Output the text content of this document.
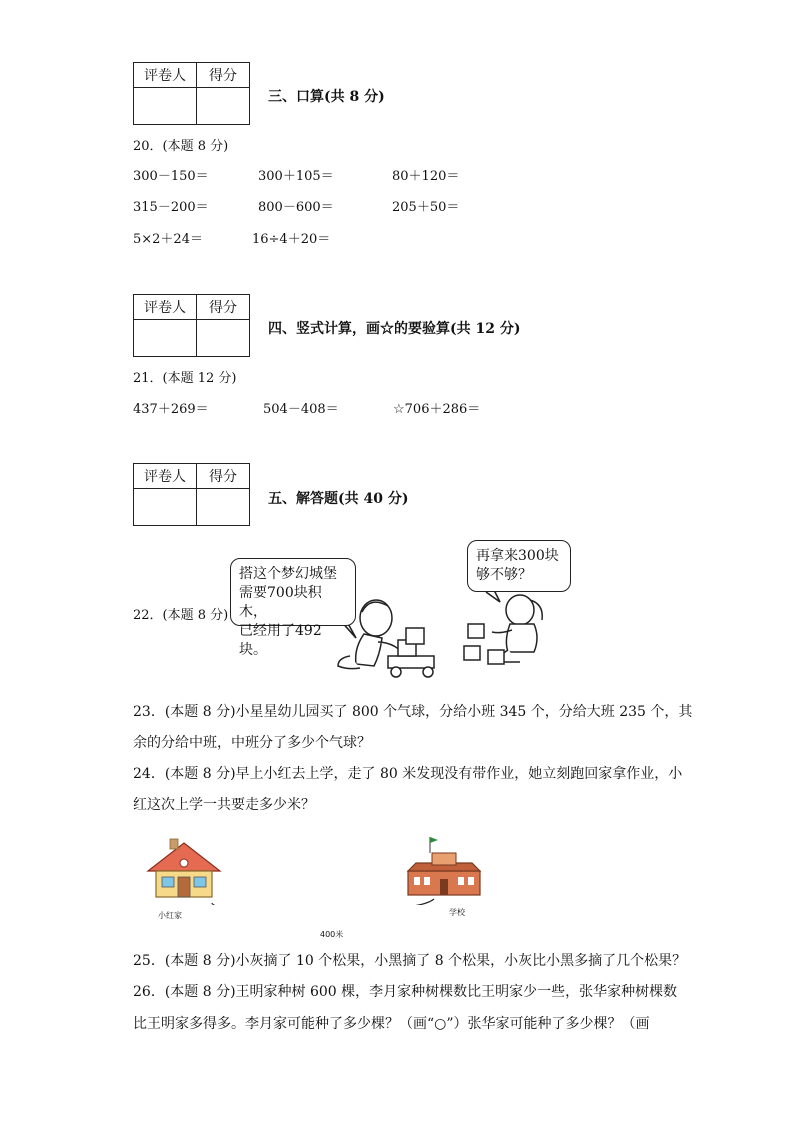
评卷人	得分

三、口算(共 8 分)
20．(本题 8 分)
300－150＝	300＋105＝	80＋120＝
315－200＝	800－600＝	205＋50＝
5×2＋24＝	16÷4＋20＝
评卷人	得分

四、竖式计算，画☆的要验算(共 12 分)
21．(本题 12 分)
437＋269＝	504－408＝	☆706＋286＝
评卷人	得分

五、解答题(共 40 分)
22．(本题 8 分)
搭这个梦幻城堡
需要700块积木，
已经用了492块。
再拿来300块
够不够？
23．(本题 8 分)小星星幼儿园买了 800 个气球，分给小班 345 个，分给大班 235 个，其
余的分给中班，中班分了多少个气球？
24．(本题 8 分)早上小红去上学，走了 80 米发现没有带作业，她立刻跑回家拿作业，小
红这次上学一共要走多少米？
小红家	学校
400米
25．(本题 8 分)小灰摘了 10 个松果，小黑摘了 8 个松果，小灰比小黑多摘了几个松果？
26．(本题 8 分)王明家种树 600 棵，李月家种树棵数比王明家少一些，张华家种树棵数
比王明家多得多。李月家可能种了多少棵？（画“○”）张华家可能种了多少棵？（画
